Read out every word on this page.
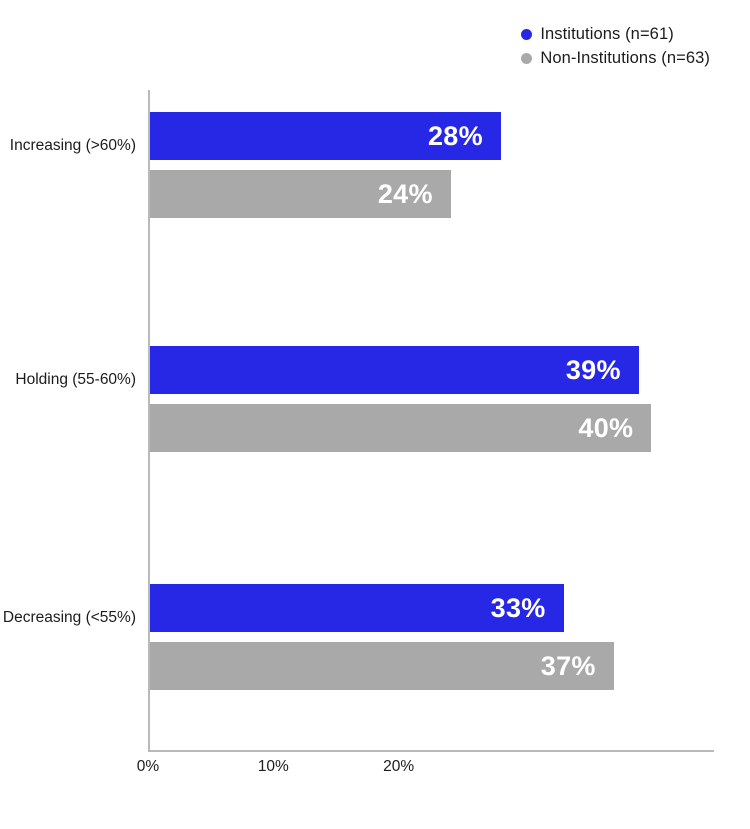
Institutions (n=61)
Non-Institutions (n=63)
Increasing (>60%)
Holding (55-60%)
Decreasing (<55%)
28%
24%
39%
40%
33%
37%
0%	10%	20%
